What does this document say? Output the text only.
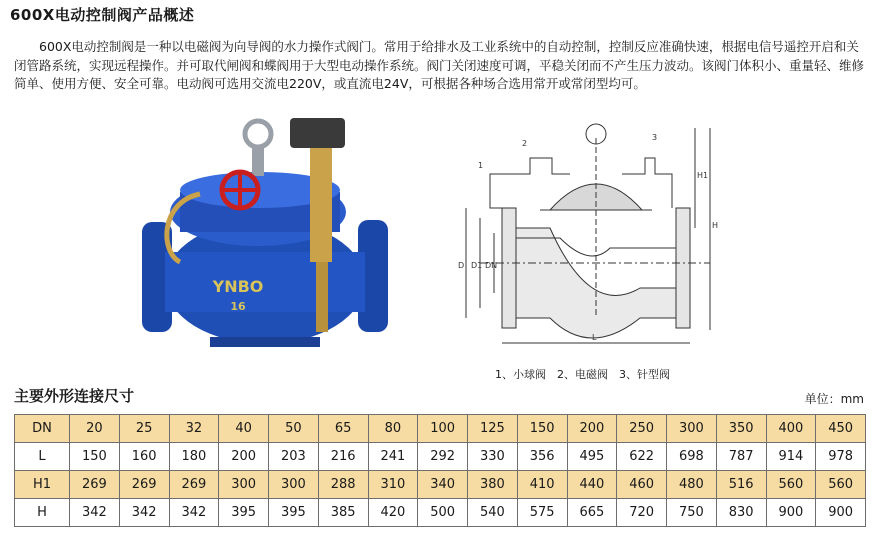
600X电动控制阀产品概述
600X电动控制阀是一种以电磁阀为向导阀的水力操作式阀门。常用于给排水及工业系统中的自动控制，控制反应准确快速，根据电信号遥控开启和关闭管路系统，实现远程操作。并可取代闸阀和蝶阀用于大型电动操作系统。阀门关闭速度可调，平稳关闭而不产生压力波动。该阀门体积小、重量轻、维修简单、使用方便、安全可靠。电动阀可选用交流电220V，或直流电24V，可根据各种场合选用常开或常闭型均可。
YNBO
16
1
2
3
D D1 DN
H1
H
L
1、小球阀　2、电磁阀　3、针型阀
主要外形连接尺寸	单位：mm
DN	20	25	32	40	50	65	80	100	125	150	200	250	300	350	400	450
L	150	160	180	200	203	216	241	292	330	356	495	622	698	787	914	978
H1	269	269	269	300	300	288	310	340	380	410	440	460	480	516	560	560
H	342	342	342	395	395	385	420	500	540	575	665	720	750	830	900	900
